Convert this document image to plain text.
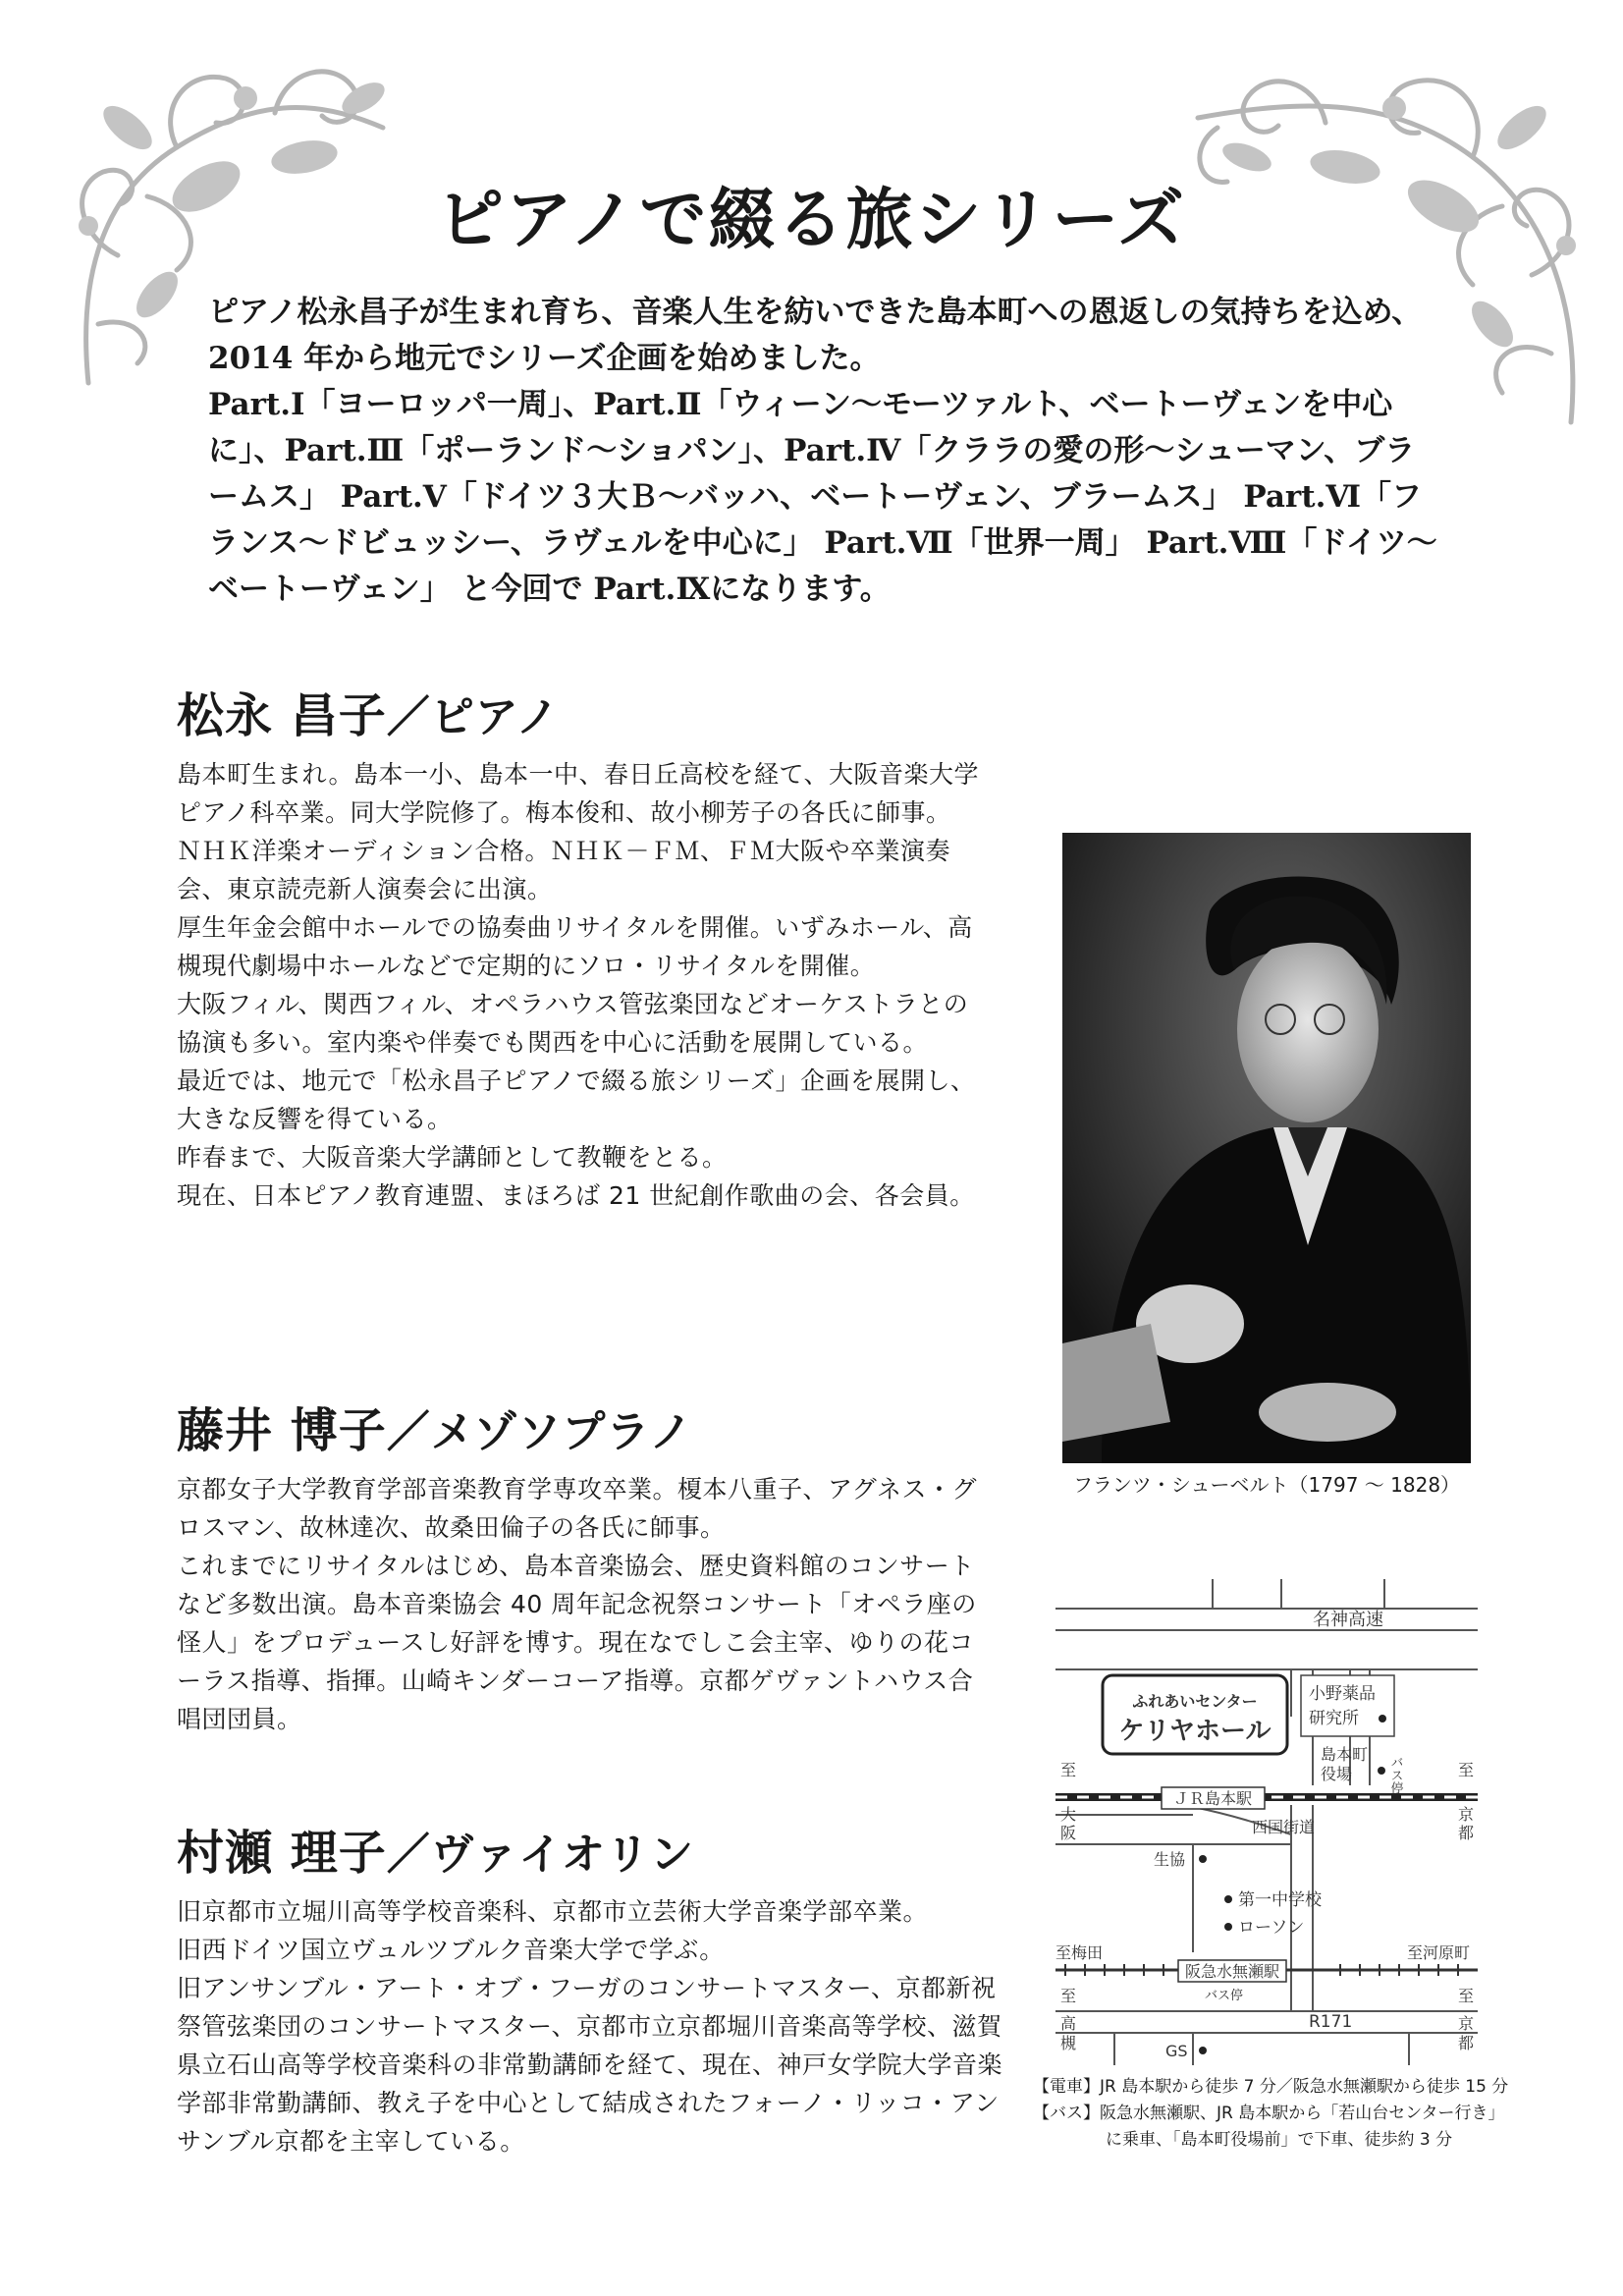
ピアノで綴る旅シリーズ

ピアノ松永昌子が生まれ育ち、音楽人生を紡いできた島本町への恩返しの気持ちを込め、2014 年から地元でシリーズ企画を始めました。

Part.Ⅰ「ヨーロッパ一周」、Part.Ⅱ「ウィーン～モーツァルト、ベートーヴェンを中心に」、Part.Ⅲ「ポーランド～ショパン」、Part.Ⅳ「クララの愛の形～シューマン、ブラームス」 Part.Ⅴ「ドイツ３大Ｂ～バッハ、ベートーヴェン、ブラームス」 Part.Ⅵ「フランス～ドビュッシー、ラヴェルを中心に」 Part.Ⅶ「世界一周」 Part.Ⅷ「ドイツ～ベートーヴェン」 と今回で Part.Ⅸになります。

松永 昌子／ピアノ

島本町生まれ。島本一小、島本一中、春日丘高校を経て、大阪音楽大学ピアノ科卒業。同大学院修了。梅本俊和、故小柳芳子の各氏に師事。

ＮＨＫ洋楽オーディション合格。ＮＨＫ－ＦＭ、ＦＭ大阪や卒業演奏会、東京読売新人演奏会に出演。

厚生年金会館中ホールでの協奏曲リサイタルを開催。いずみホール、高槻現代劇場中ホールなどで定期的にソロ・リサイタルを開催。

大阪フィル、関西フィル、オペラハウス管弦楽団などオーケストラとの協演も多い。室内楽や伴奏でも関西を中心に活動を展開している。

最近では、地元で「松永昌子ピアノで綴る旅シリーズ」企画を展開し、大きな反響を得ている。

昨春まで、大阪音楽大学講師として教鞭をとる。

現在、日本ピアノ教育連盟、まほろば 21 世紀創作歌曲の会、各会員。

藤井 博子／メゾソプラノ

京都女子大学教育学部音楽教育学専攻卒業。榎本八重子、アグネス・グロスマン、故林達次、故桑田倫子の各氏に師事。

これまでにリサイタルはじめ、島本音楽協会、歴史資料館のコンサートなど多数出演。島本音楽協会 40 周年記念祝祭コンサート「オペラ座の怪人」をプロデュースし好評を博す。現在なでしこ会主宰、ゆりの花コーラス指導、指揮。山崎キンダーコーア指導。京都ゲヴァントハウス合唱団団員。

村瀬 理子／ヴァイオリン

旧京都市立堀川高等学校音楽科、京都市立芸術大学音楽学部卒業。

旧西ドイツ国立ヴュルツブルク音楽大学で学ぶ。

旧アンサンブル・アート・オブ・フーガのコンサートマスター、京都新祝祭管弦楽団のコンサートマスター、京都市立京都堀川音楽高等学校、滋賀県立石山高等学校音楽科の非常勤講師を経て、現在、神戸女学院大学音楽学部非常勤講師、教え子を中心として結成されたフォーノ・リッコ・アンサンブル京都を主宰している。

フランツ・シューベルト（1797 ～ 1828）
名神高速
ふれあいセンター
ケリヤホール
小野薬品
研究所
島本町
役場	バス停
ＪＲ島本駅
至
大
阪
至
京
都
西国街道
生協
第一中学校
ローソン
至梅田	至河原町
阪急水無瀬駅
バス停
至
高
槻
至
京
都
R171
GS

【電車】JR 島本駅から徒歩 7 分／阪急水無瀬駅から徒歩 15 分

【バス】阪急水無瀬駅、JR 島本駅から「若山台センター行き」

に乗車、「島本町役場前」で下車、徒歩約 3 分
